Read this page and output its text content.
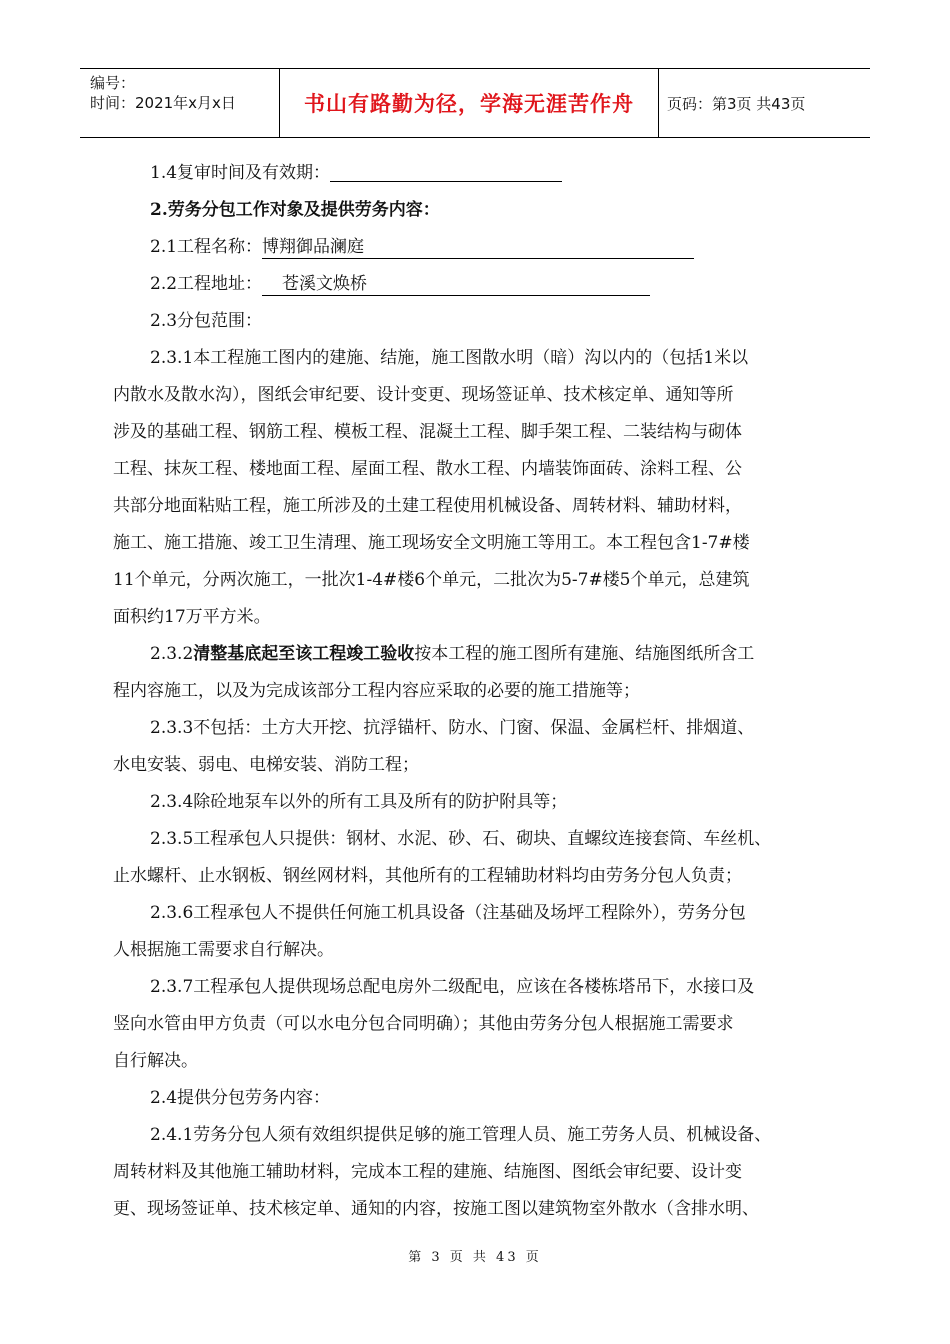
编号：
时间：2021年x月x日	书山有路勤为径，学海无涯苦作舟	页码：第3页 共43页

1.4复审时间及有效期：

2.劳务分包工作对象及提供劳务内容：

2.1工程名称：博翔御品澜庭

2.2工程地址： 苍溪文焕桥

2.3分包范围：

2.3.1本工程施工图内的建施、结施，施工图散水明（暗）沟以内的（包括1米以

内散水及散水沟），图纸会审纪要、设计变更、现场签证单、技术核定单、通知等所

涉及的基础工程、钢筋工程、模板工程、混凝土工程、脚手架工程、二装结构与砌体

工程、抹灰工程、楼地面工程、屋面工程、散水工程、内墙装饰面砖、涂料工程、公

共部分地面粘贴工程，施工所涉及的土建工程使用机械设备、周转材料、辅助材料，

施工、施工措施、竣工卫生清理、施工现场安全文明施工等用工。本工程包含1-7#楼

11个单元，分两次施工，一批次1-4#楼6个单元，二批次为5-7#楼5个单元，总建筑

面积约17万平方米。

2.3.2清整基底起至该工程竣工验收按本工程的施工图所有建施、结施图纸所含工

程内容施工，以及为完成该部分工程内容应采取的必要的施工措施等；

2.3.3不包括：土方大开挖、抗浮锚杆、防水、门窗、保温、金属栏杆、排烟道、

水电安装、弱电、电梯安装、消防工程；

2.3.4除砼地泵车以外的所有工具及所有的防护附具等；

2.3.5工程承包人只提供：钢材、水泥、砂、石、砌块、直螺纹连接套筒、车丝机、

止水螺杆、止水钢板、钢丝网材料，其他所有的工程辅助材料均由劳务分包人负责；

2.3.6工程承包人不提供任何施工机具设备（注基础及场坪工程除外），劳务分包

人根据施工需要求自行解决。

2.3.7工程承包人提供现场总配电房外二级配电，应该在各楼栋塔吊下，水接口及

竖向水管由甲方负责（可以水电分包合同明确）；其他由劳务分包人根据施工需要求

自行解决。

2.4提供分包劳务内容：

2.4.1劳务分包人须有效组织提供足够的施工管理人员、施工劳务人员、机械设备、

周转材料及其他施工辅助材料，完成本工程的建施、结施图、图纸会审纪要、设计变

更、现场签证单、技术核定单、通知的内容，按施工图以建筑物室外散水（含排水明、

第 3 页 共 43 页
